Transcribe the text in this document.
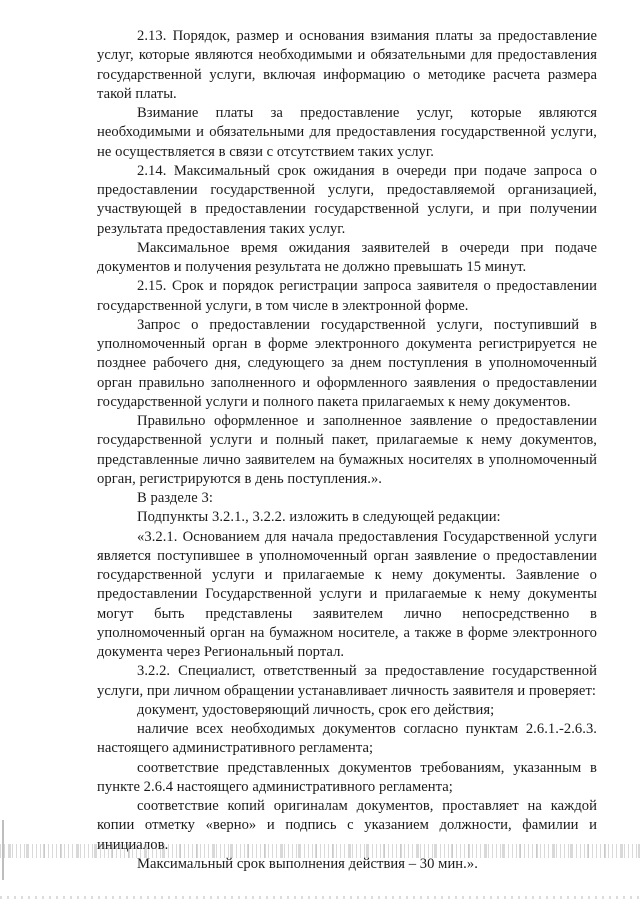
2.13. Порядок, размер и основания взимания платы за предоставление услуг, которые являются необходимыми и обязательными для предоставления государственной услуги, включая информацию о методике расчета размера такой платы.

Взимание платы за предоставление услуг, которые являются необходимыми и обязательными для предоставления государственной услуги, не осуществляется в связи с отсутствием таких услуг.

2.14. Максимальный срок ожидания в очереди при подаче запроса о предоставлении государственной услуги, предоставляемой организацией, участвующей в предоставлении государственной услуги, и при получении результата предоставления таких услуг.

Максимальное время ожидания заявителей в очереди при подаче документов и получения результата не должно превышать 15 минут.

2.15. Срок и порядок регистрации запроса заявителя о предоставлении государственной услуги, в том числе в электронной форме.

Запрос о предоставлении государственной услуги, поступивший в уполномоченный орган в форме электронного документа регистрируется не позднее рабочего дня, следующего за днем поступления в уполномоченный орган правильно заполненного и оформленного заявления о предоставлении государственной услуги и полного пакета прилагаемых к нему документов.

Правильно оформленное и заполненное заявление о предоставлении государственной услуги и полный пакет, прилагаемые к нему документов, представленные лично заявителем на бумажных носителях в уполномоченный орган, регистрируются в день поступления.».

В разделе 3:

Подпункты 3.2.1., 3.2.2. изложить в следующей редакции:

«3.2.1. Основанием для начала предоставления Государственной услуги является поступившее в уполномоченный орган заявление о предоставлении государственной услуги и прилагаемые к нему документы. Заявление о предоставлении Государственной услуги и прилагаемые к нему документы могут быть представлены заявителем лично непосредственно в уполномоченный орган на бумажном носителе, а также в форме электронного документа через Региональный портал.

3.2.2. Специалист, ответственный за предоставление государственной услуги, при личном обращении устанавливает личность заявителя и проверяет:

документ, удостоверяющий личность, срок его действия;

наличие всех необходимых документов согласно пунктам 2.6.1.-2.6.3. настоящего административного регламента;

соответствие представленных документов требованиям, указанным в пункте 2.6.4 настоящего административного регламента;

соответствие копий оригиналам документов, проставляет на каждой копии отметку «верно» и подпись с указанием должности, фамилии и инициалов.

Максимальный срок выполнения действия – 30 мин.».
